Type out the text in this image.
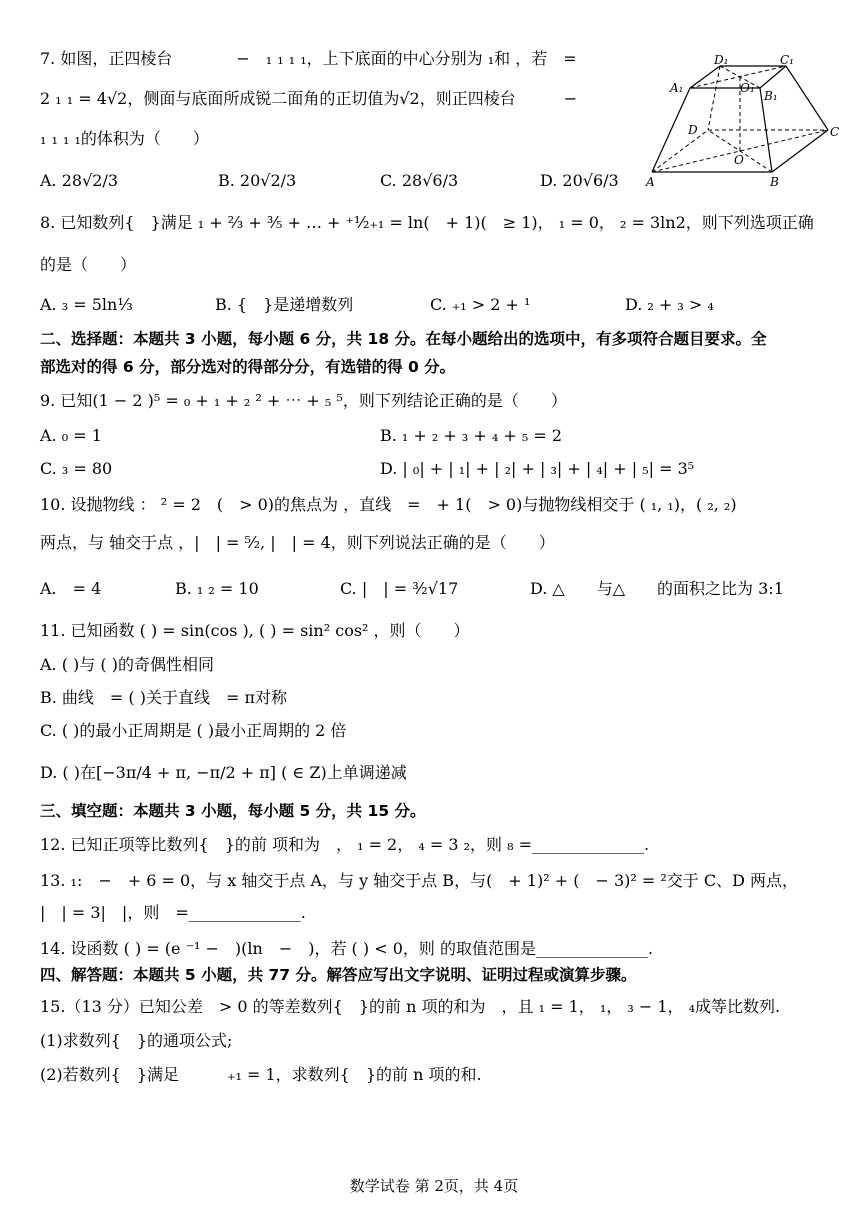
7. 如图，正四棱台　　　　−　₁ ₁ ₁ ₁，上下底面的中心分别为 ₁和 ，若　=
2 ₁ ₁ = 4√2，侧面与底面所成锐二面角的正切值为√2，则正四棱台　　　−
₁ ₁ ₁ ₁的体积为（　　）
A. 28√2/3	B. 20√2/3	C. 28√6/3	D. 20√6/3
D₁	C₁
A₁	O₁
B₁
D	C
O
A	B
8. 已知数列{　}满足 ₁ + ²⁄₃ + ³⁄₅ + … + ⁺¹⁄₂₊₁ = ln(　+ 1)(　≥ 1)， ₁ = 0， ₂ = 3ln2，则下列选项正确
的是（　　）
A. ₃ = 5ln¹⁄₃	B. {　}是递增数列	C. ₊₁ > 2 + ¹	D. ₂ + ₃ > ₄
二、选择题：本题共 3 小题，每小题 6 分，共 18 分。在每小题给出的选项中，有多项符合题目要求。全
部选对的得 6 分，部分选对的得部分分，有选错的得 0 分。
9. 已知(1 − 2 )⁵ = ₀ + ₁ + ₂ ² + ⋯ + ₅ ⁵，则下列结论正确的是（　　）
A. ₀ = 1	B. ₁ + ₂ + ₃ + ₄ + ₅ = 2
C. ₃ = 80	D. | ₀| + | ₁| + | ₂| + | ₃| + | ₄| + | ₅| = 3⁵
10. 设抛物线 ： ² = 2　(　> 0)的焦点为 ，直线　=　+ 1(　> 0)与抛物线相交于 ( ₁, ₁)，( ₂, ₂)
两点，与 轴交于点 ，|　| = ⁵⁄₂, |　| = 4，则下列说法正确的是（　　）
A.　= 4	B. ₁ ₂ = 10	C. |　| = ³⁄₂√17	D. △　　与△　　的面积之比为 3:1
11. 已知函数 ( ) = sin(cos ), ( ) = sin² cos² ，则（　　）
A. ( )与 ( )的奇偶性相同
B. 曲线　= ( )关于直线　= π对称
C. ( )的最小正周期是 ( )最小正周期的 2 倍
D. ( )在[−3π/4 + π, −π/2 + π] ( ∈ Z)上单调递减
三、填空题：本题共 3 小题，每小题 5 分，共 15 分。
12. 已知正项等比数列{　}的前 项和为　， ₁ = 2， ₄ = 3 ₂，则 ₈ =______________.
13. ₁:　−　+ 6 = 0，与 x 轴交于点 A，与 y 轴交于点 B，与(　+ 1)² + (　− 3)² = ²交于 C、D 两点，
|　| = 3|　|，则　=______________.
14. 设函数 ( ) = (e ⁻¹ −　)(ln　−　)，若 ( ) < 0，则 的取值范围是______________.
四、解答题：本题共 5 小题，共 77 分。解答应写出文字说明、证明过程或演算步骤。
15.（13 分）已知公差　> 0 的等差数列{　}的前 n 项的和为　，且 ₁ = 1， ₁， ₃ − 1， ₄成等比数列.
(1)求数列{　}的通项公式;
(2)若数列{　}满足　　　₊₁ = 1，求数列{　}的前 n 项的和.
数学试卷 第 2页，共 4页
